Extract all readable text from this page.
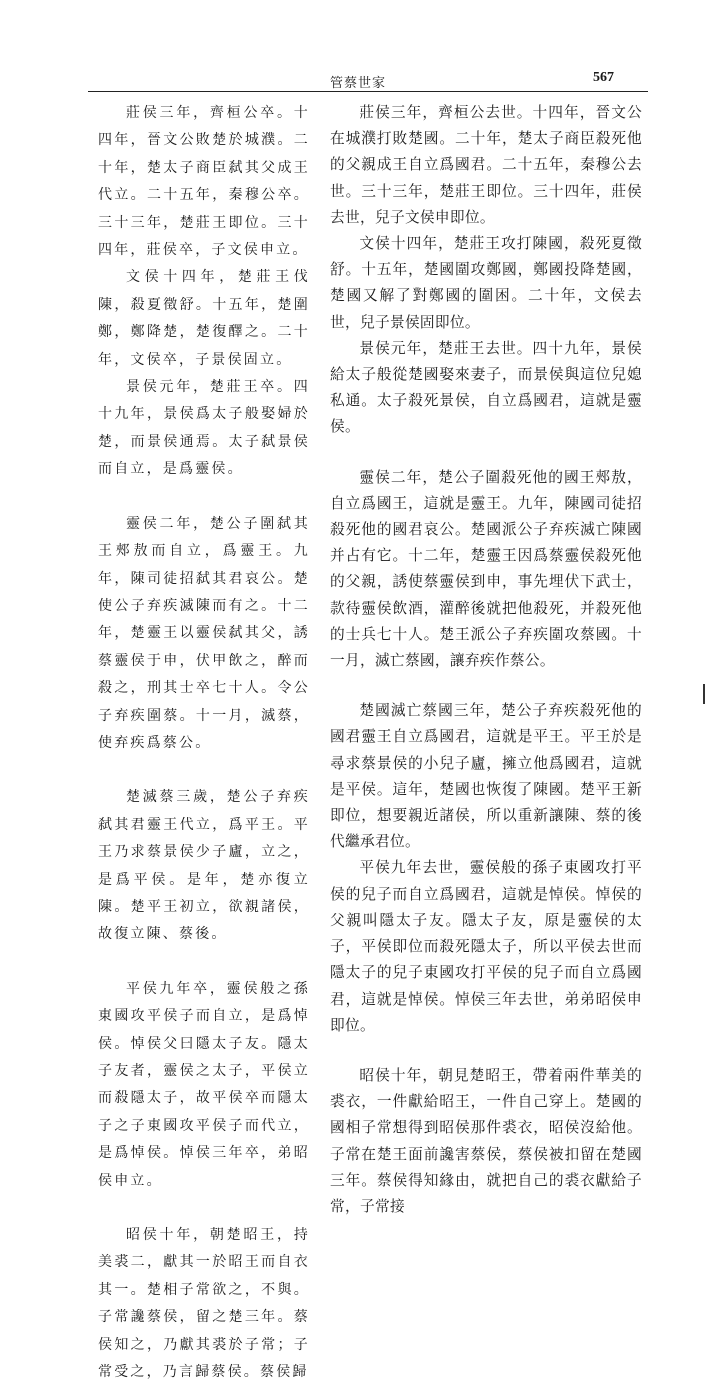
管蔡世家	567

莊侯三年，齊桓公卒。十四年，晉文公敗楚於城濮。二十年，楚太子商臣弑其父成王代立。二十五年，秦穆公卒。三十三年，楚莊王即位。三十四年，莊侯卒，子文侯申立。

文侯十四年，楚莊王伐陳，殺夏徵舒。十五年，楚圍鄭，鄭降楚，楚復醳之。二十年，文侯卒，子景侯固立。

景侯元年，楚莊王卒。四十九年，景侯爲太子般娶婦於楚，而景侯通焉。太子弑景侯而自立，是爲靈侯。

靈侯二年，楚公子圍弑其王郟敖而自立，爲靈王。九年，陳司徒招弑其君哀公。楚使公子弃疾滅陳而有之。十二年，楚靈王以靈侯弑其父，誘蔡靈侯于申，伏甲飲之，醉而殺之，刑其士卒七十人。令公子弃疾圍蔡。十一月，滅蔡，使弃疾爲蔡公。

楚滅蔡三歲，楚公子弃疾弑其君靈王代立，爲平王。平王乃求蔡景侯少子廬，立之，是爲平侯。是年，楚亦復立陳。楚平王初立，欲親諸侯，故復立陳、蔡後。

平侯九年卒，靈侯般之孫東國攻平侯子而自立，是爲悼侯。悼侯父曰隱太子友。隱太子友者，靈侯之太子，平侯立而殺隱太子，故平侯卒而隱太子之子東國攻平侯子而代立，是爲悼侯。悼侯三年卒，弟昭侯申立。

昭侯十年，朝楚昭王，持美裘二，獻其一於昭王而自衣其一。楚相子常欲之，不與。子常讒蔡侯，留之楚三年。蔡侯知之，乃獻其裘於子常；子常受之，乃言歸蔡侯。蔡侯歸

莊侯三年，齊桓公去世。十四年，晉文公在城濮打敗楚國。二十年，楚太子商臣殺死他的父親成王自立爲國君。二十五年，秦穆公去世。三十三年，楚莊王即位。三十四年，莊侯去世，兒子文侯申即位。

文侯十四年，楚莊王攻打陳國，殺死夏徵舒。十五年，楚國圍攻鄭國，鄭國投降楚國，楚國又解了對鄭國的圍困。二十年，文侯去世，兒子景侯固即位。

景侯元年，楚莊王去世。四十九年，景侯給太子般從楚國娶來妻子，而景侯與這位兒媳私通。太子殺死景侯，自立爲國君，這就是靈侯。

靈侯二年，楚公子圍殺死他的國王郟敖，自立爲國王，這就是靈王。九年，陳國司徒招殺死他的國君哀公。楚國派公子弃疾滅亡陳國并占有它。十二年，楚靈王因爲蔡靈侯殺死他的父親，誘使蔡靈侯到申，事先埋伏下武士，款待靈侯飲酒，灌醉後就把他殺死，并殺死他的士兵七十人。楚王派公子弃疾圍攻蔡國。十一月，滅亡蔡國，讓弃疾作蔡公。

楚國滅亡蔡國三年，楚公子弃疾殺死他的國君靈王自立爲國君，這就是平王。平王於是尋求蔡景侯的小兒子廬，擁立他爲國君，這就是平侯。這年，楚國也恢復了陳國。楚平王新即位，想要親近諸侯，所以重新讓陳、蔡的後代繼承君位。

平侯九年去世，靈侯般的孫子東國攻打平侯的兒子而自立爲國君，這就是悼侯。悼侯的父親叫隱太子友。隱太子友，原是靈侯的太子，平侯即位而殺死隱太子，所以平侯去世而隱太子的兒子東國攻打平侯的兒子而自立爲國君，這就是悼侯。悼侯三年去世，弟弟昭侯申即位。

昭侯十年，朝見楚昭王，帶着兩件華美的裘衣，一件獻給昭王，一件自己穿上。楚國的國相子常想得到昭侯那件裘衣，昭侯沒給他。子常在楚王面前讒害蔡侯，蔡侯被扣留在楚國三年。蔡侯得知緣由，就把自己的裘衣獻給子常，子常接
